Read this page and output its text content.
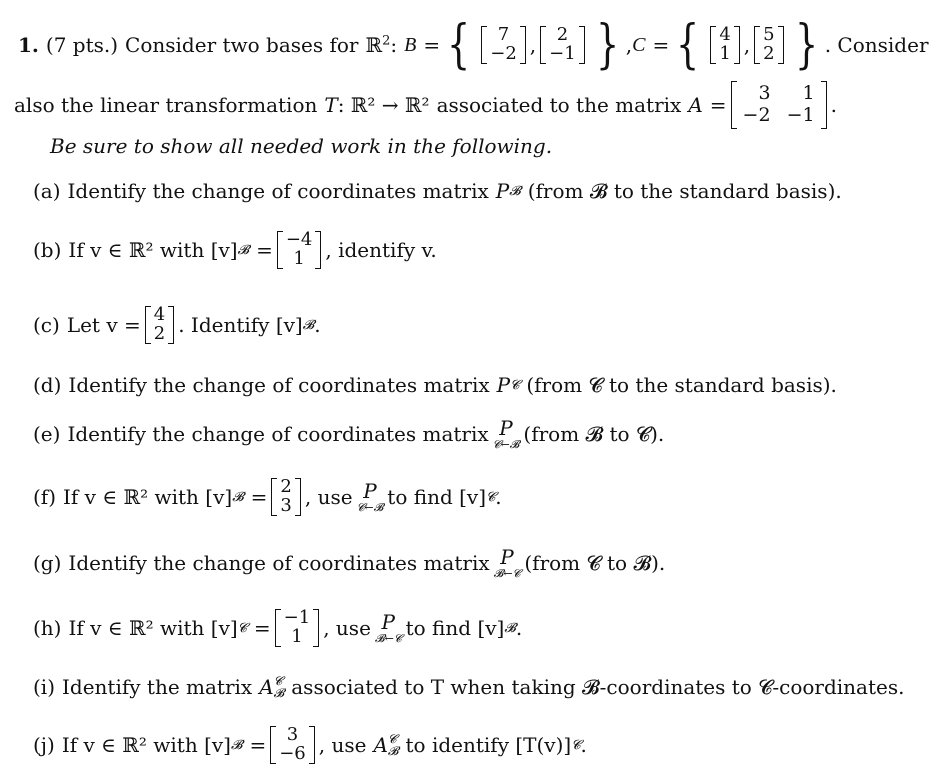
1. (7 pts.) Consider two bases for ℝ$^2$ : B = {	7
−2 ,	2
−1 } , C = { 4
1 , 5
2 } . Consider
also the linear transformation T : ℝ² → ℝ² associated to the matrix A =	3	1
−2 −1 .
Be sure to show all needed work in the following.
(a) Identify the change of coordinates matrix P 𝓑 (from 𝓑 to the standard basis).
(b) If v ∈ ℝ² with [v] 𝓑 = −4
1	, identify v.
(c) Let v = 4
2 . Identify [v] 𝓑 .
(d) Identify the change of coordinates matrix P 𝓒 (from 𝓒 to the standard basis).
(e) Identify the change of coordinates matrix P
𝓒←𝓑 (from 𝓑 to 𝓒).
(f) If v ∈ ℝ² with [v] 𝓑 = 2
3 , use P
𝓒←𝓑 to find [v] 𝓒 .
(g) Identify the change of coordinates matrix P
𝓑←𝓒 (from 𝓒 to 𝓑).
(h) If v ∈ ℝ² with [v] 𝓒 = −1
1	, use P
𝓑←𝓒 to find [v] 𝓑 .
(i) Identify the matrix A 𝓒
𝓑 associated to T when taking 𝓑-coordinates to 𝓒-coordinates.
(j) If v ∈ ℝ² with [v] 𝓑 =	3
−6 , use A 𝓒
𝓑 to identify [T(v)] 𝓒 .
